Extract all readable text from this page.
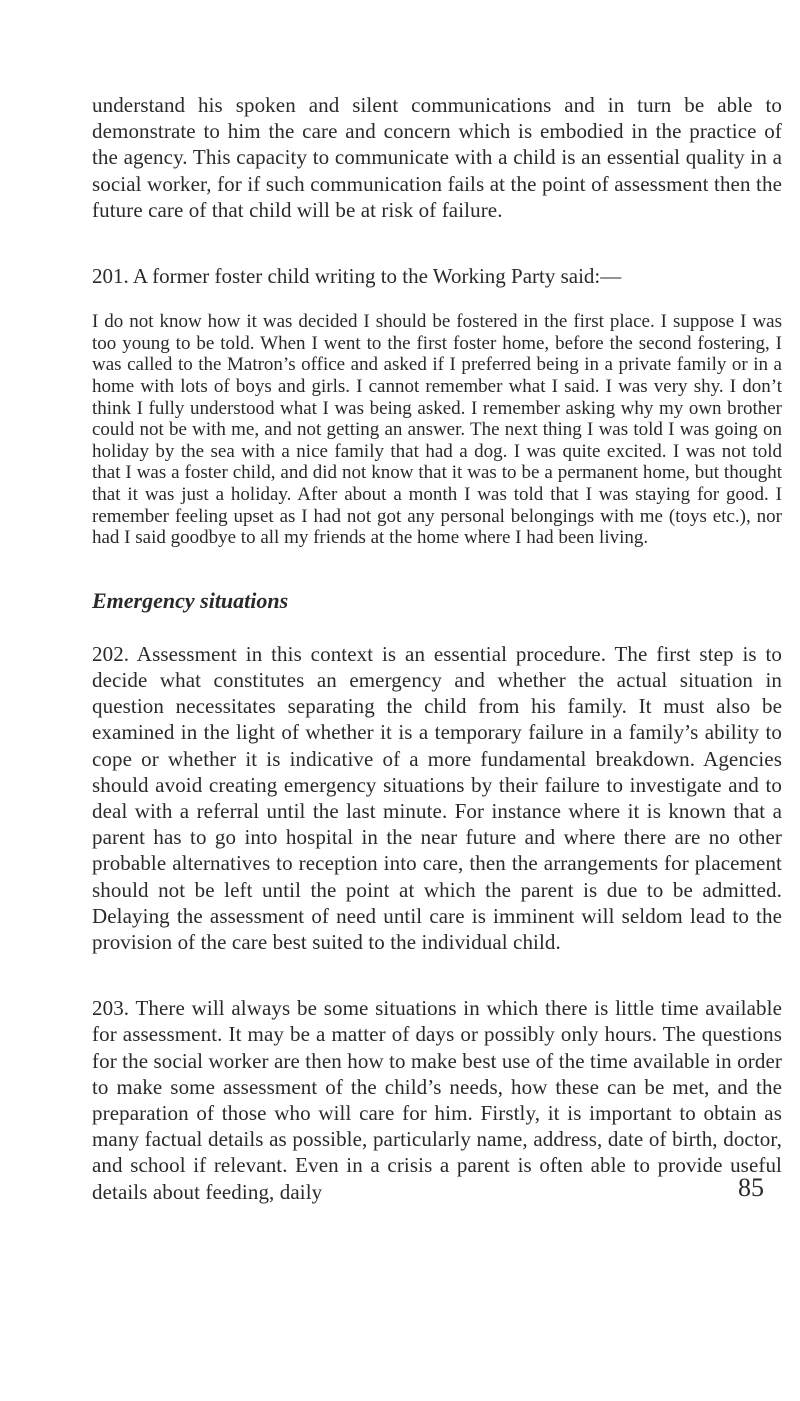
understand his spoken and silent communications and in turn be able to demonstrate to him the care and concern which is embodied in the practice of the agency. This capacity to communicate with a child is an essential quality in a social worker, for if such communication fails at the point of assessment then the future care of that child will be at risk of failure.

201. A former foster child writing to the Working Party said:—

I do not know how it was decided I should be fostered in the first place. I suppose I was too young to be told. When I went to the first foster home, before the second fostering, I was called to the Matron’s office and asked if I preferred being in a private family or in a home with lots of boys and girls. I cannot remember what I said. I was very shy. I don’t think I fully understood what I was being asked. I remember asking why my own brother could not be with me, and not getting an answer. The next thing I was told I was going on holiday by the sea with a nice family that had a dog. I was quite excited. I was not told that I was a foster child, and did not know that it was to be a permanent home, but thought that it was just a holiday. After about a month I was told that I was staying for good. I remember feeling upset as I had not got any personal belongings with me (toys etc.), nor had I said goodbye to all my friends at the home where I had been living.

Emergency situations

202. Assessment in this context is an essential procedure. The first step is to decide what constitutes an emergency and whether the actual situation in question necessitates separating the child from his family. It must also be examined in the light of whether it is a temporary failure in a family’s ability to cope or whether it is indicative of a more fundamental breakdown. Agencies should avoid creating emergency situations by their failure to investigate and to deal with a referral until the last minute. For instance where it is known that a parent has to go into hospital in the near future and where there are no other probable alternatives to reception into care, then the arrangements for placement should not be left until the point at which the parent is due to be admitted. Delaying the assessment of need until care is imminent will seldom lead to the provision of the care best suited to the individual child.

203. There will always be some situations in which there is little time available for assessment. It may be a matter of days or possibly only hours. The questions for the social worker are then how to make best use of the time available in order to make some assessment of the child’s needs, how these can be met, and the preparation of those who will care for him. Firstly, it is important to obtain as many factual details as possible, particularly name, address, date of birth, doctor, and school if relevant. Even in a crisis a parent is often able to provide useful details about feeding, daily	85
